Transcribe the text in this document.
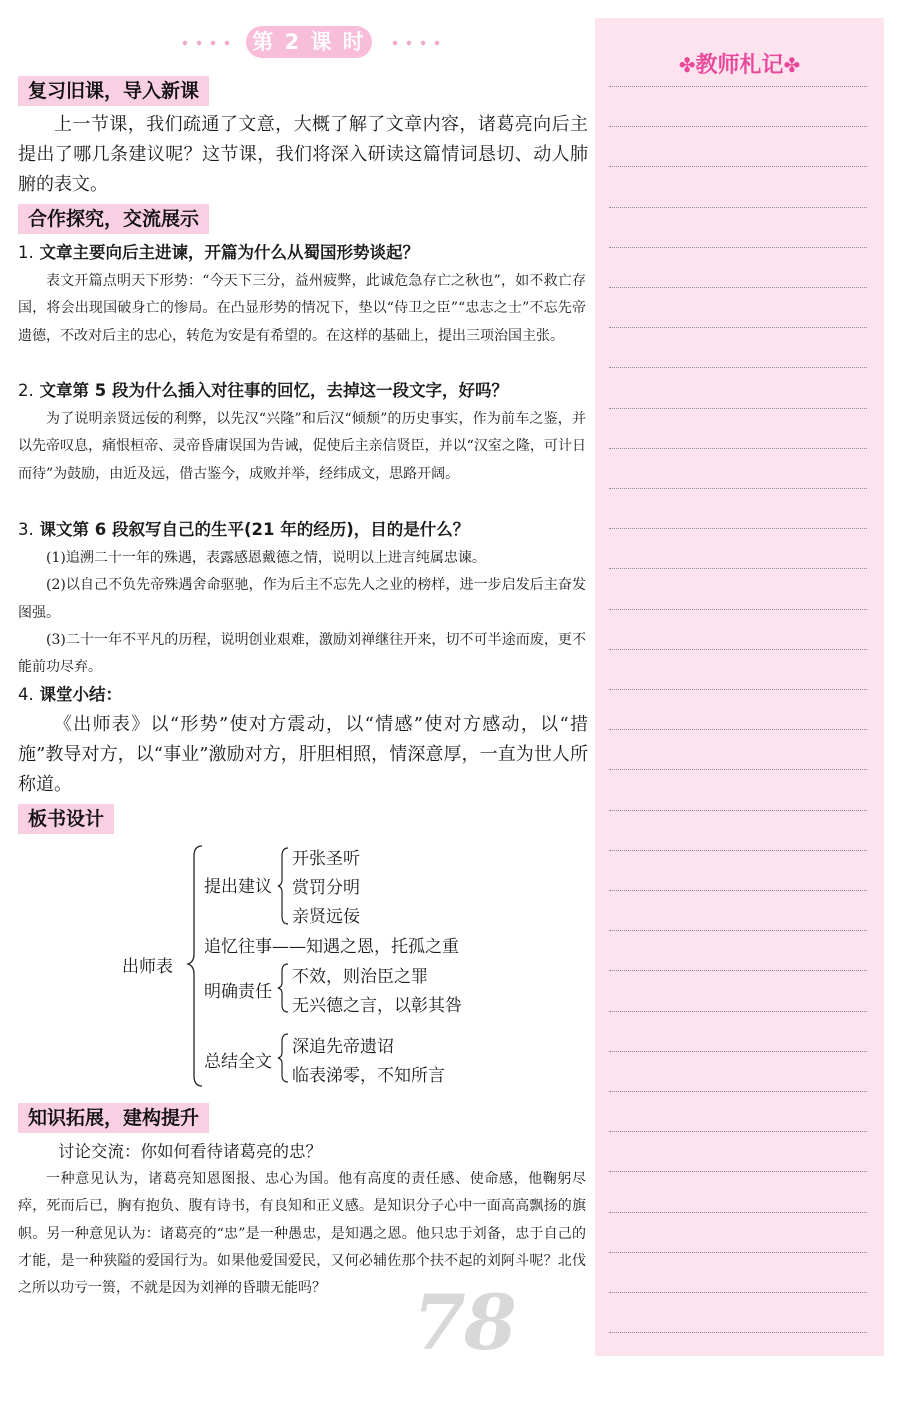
第 2 课 时
复习旧课，导入新课
上一节课，我们疏通了文意，大概了解了文章内容，诸葛亮向后主提出了哪几条建议呢？这节课，我们将深入研读这篇情词恳切、动人肺腑的表文。
合作探究，交流展示
1. 文章主要向后主进谏，开篇为什么从蜀国形势谈起？
表文开篇点明天下形势：“今天下三分，益州疲弊，此诚危急存亡之秋也”，如不救亡存国，将会出现国破身亡的惨局。在凸显形势的情况下，垫以“侍卫之臣”“忠志之士”不忘先帝遗德，不改对后主的忠心，转危为安是有希望的。在这样的基础上，提出三项治国主张。
2. 文章第 5 段为什么插入对往事的回忆，去掉这一段文字，好吗？
为了说明亲贤远佞的利弊，以先汉“兴隆”和后汉“倾颓”的历史事实，作为前车之鉴，并以先帝叹息，痛恨桓帝、灵帝昏庸误国为告诫，促使后主亲信贤臣，并以“汉室之隆，可计日而待”为鼓励，由近及远，借古鉴今，成败并举，经纬成文，思路开阔。
3. 课文第 6 段叙写自己的生平(21 年的经历)，目的是什么？
(1)追溯二十一年的殊遇，表露感恩戴德之情，说明以上进言纯属忠谏。
(2)以自己不负先帝殊遇舍命驱驰，作为后主不忘先人之业的榜样，进一步启发后主奋发图强。
(3)二十一年不平凡的历程，说明创业艰难，激励刘禅继往开来，切不可半途而废，更不能前功尽弃。
4. 课堂小结：
《出师表》以“形势”使对方震动，以“情感”使对方感动，以“措施”教导对方，以“事业”激励对方，肝胆相照，情深意厚，一直为世人所称道。
板书设计
出师表
提出建议
开张圣听
赏罚分明
亲贤远佞
追忆往事——知遇之恩，托孤之重
明确责任
不效，则治臣之罪
无兴德之言，以彰其咎
总结全文
深追先帝遗诏
临表涕零，不知所言
知识拓展，建构提升
讨论交流：你如何看待诸葛亮的忠？
一种意见认为，诸葛亮知恩图报、忠心为国。他有高度的责任感、使命感，他鞠躬尽瘁，死而后已，胸有抱负、腹有诗书，有良知和正义感。是知识分子心中一面高高飘扬的旗帜。另一种意见认为：诸葛亮的“忠”是一种愚忠，是知遇之恩。他只忠于刘备，忠于自己的才能，是一种狭隘的爱国行为。如果他爱国爱民，又何必辅佐那个扶不起的刘阿斗呢？北伐之所以功亏一篑，不就是因为刘禅的昏聩无能吗？	78
✤教师札记✤
